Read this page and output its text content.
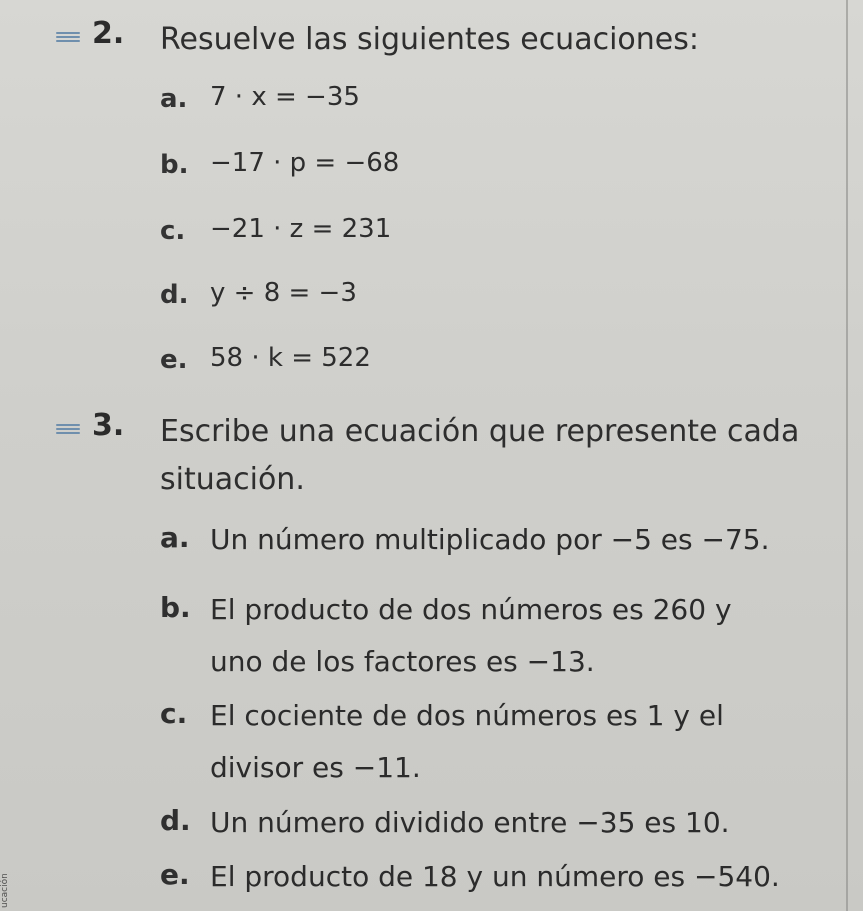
2. Resuelve las siguientes ecuaciones:
a. 7 · x = −35
b. −17 · p = −68
c. −21 · z = 231
d. y ÷ 8 = −3
e. 58 · k = 522
3. Escribe una ecuación que represente cada
situación.
a. Un número multiplicado por −5 es −75.
b. El producto de dos números es 260 y uno de los factores es −13.
c. El cociente de dos números es 1 y el divisor es −11.
d. Un número dividido entre −35 es 10.
e. El producto de 18 y un número es −540.
ucación
